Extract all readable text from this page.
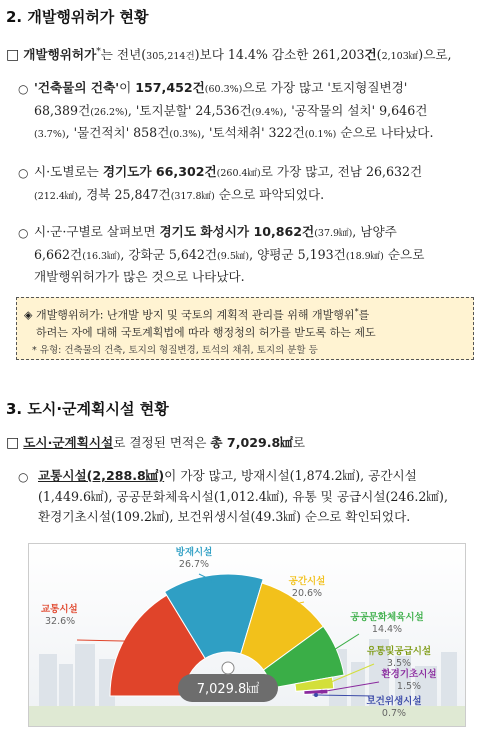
2. 개발행위허가 현황
□ 개발행위허가*는 전년(305,214건)보다 14.4% 감소한 261,203건(2,103㎢)으로,
○ '건축물의 건축'이 157,452건(60.3%)으로 가장 많고 '토지형질변경'
68,389건(26.2%), '토지분할' 24,536건(9.4%), '공작물의 설치' 9,646건
(3.7%), '물건적치' 858건(0.3%), '토석채취' 322건(0.1%) 순으로 나타났다.
○ 시·도별로는 경기도가 66,302건(260.4㎢)로 가장 많고, 전남 26,632건
(212.4㎢), 경북 25,847건(317.8㎢) 순으로 파악되었다.
○ 시·군·구별로 살펴보면 경기도 화성시가 10,862건(37.9㎢), 남양주
6,662건(16.3㎢), 강화군 5,642건(9.5㎢), 양평군 5,193건(18.9㎢) 순으로
개발행위허가가 많은 것으로 나타났다.
◈ 개발행위허가: 난개발 방지 및 국토의 계획적 관리를 위해 개발행위*를
하려는 자에 대해 국토계획법에 따라 행정청의 허가를 받도록 하는 제도
* 유형: 건축물의 건축, 토지의 형질변경, 토석의 채취, 토지의 분할 등
3. 도시·군계획시설 현황
□ 도시·군계획시설로 결정된 면적은 총 7,029.8㎢로
○ 교통시설(2,288.8㎢)이 가장 많고, 방재시설(1,874.2㎢), 공간시설
(1,449.6㎢), 공공문화체육시설(1,012.4㎢), 유통 및 공급시설(246.2㎢),
환경기초시설(109.2㎢), 보건위생시설(49.3㎢) 순으로 확인되었다.
교통시설
32.6%
방재시설
26.7%
공간시설
20.6%
공공문화체육시설
14.4%
유통및공급시설
3.5%
환경기초시설
1.5%
보건위생시설
0.7%
7,029.8㎢
